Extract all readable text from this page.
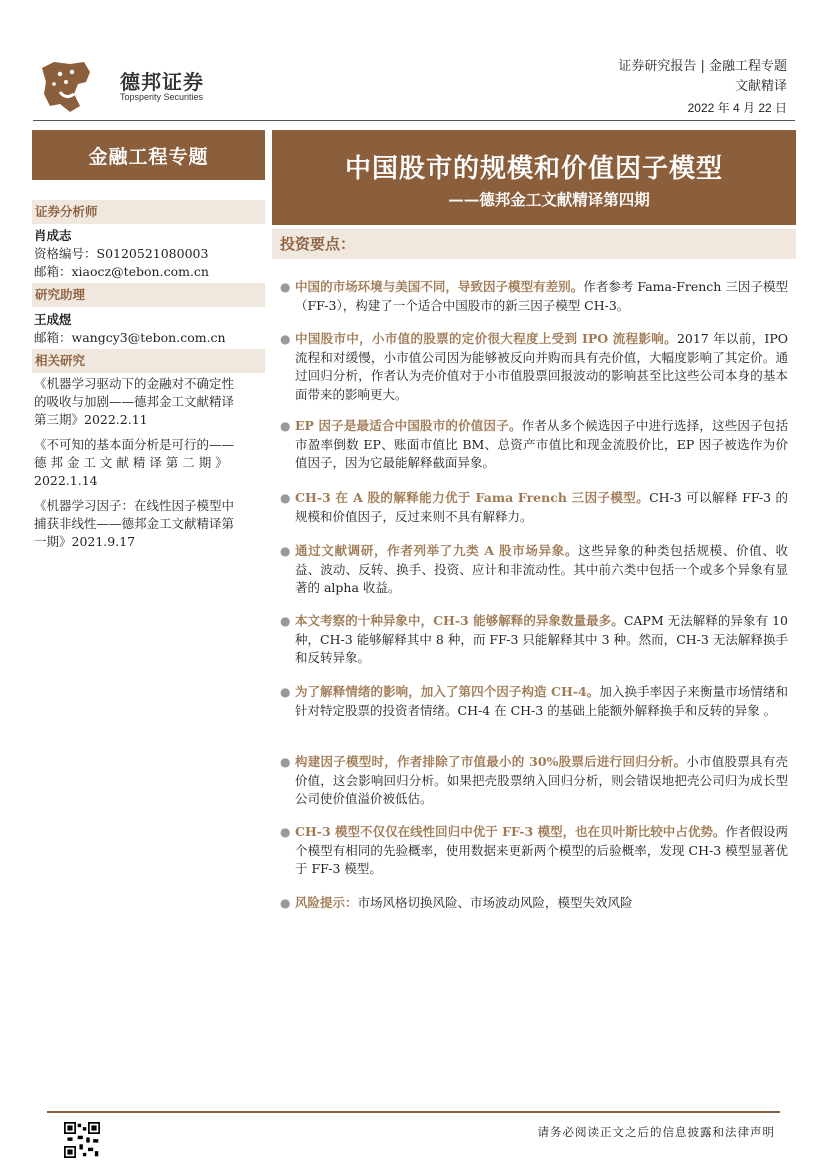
德邦证券
Topsperity Securities
证券研究报告 | 金融工程专题
文献精译
2022 年 4 月 22 日
金融工程专题
证券分析师
肖成志
资格编号：S0120521080003
邮箱：xiaocz@tebon.com.cn
研究助理
王成煜
邮箱：wangcy3@tebon.com.cn
相关研究
《机器学习驱动下的金融对不确定性
的吸收与加剧——德邦金工文献精译
第三期》2022.2.11
《不可知的基本面分析是可行的——
德 邦 金 工 文 献 精 译 第 二 期 》
2022.1.14
《机器学习因子：在线性因子模型中
捕获非线性——德邦金工文献精译第
一期》2021.9.17
中国股市的规模和价值因子模型
——德邦金工文献精译第四期
投资要点：
● 中国的市场环境与美国不同，导致因子模型有差别。作者参考 Fama-French 三因子模型（FF-3），构建了一个适合中国股市的新三因子模型 CH-3。
● 中国股市中，小市值的股票的定价很大程度上受到 IPO 流程影响。2017 年以前，IPO 流程和对缓慢，小市值公司因为能够被反向并购而具有壳价值，大幅度影响了其定价。通过回归分析，作者认为壳价值对于小市值股票回报波动的影响甚至比这些公司本身的基本面带来的影响更大。
● EP 因子是最适合中国股市的价值因子。作者从多个候选因子中进行选择，这些因子包括市盈率倒数 EP、账面市值比 BM、总资产市值比和现金流股价比，EP 因子被选作为价值因子，因为它最能解释截面异象。
● CH-3 在 A 股的解释能力优于 Fama French 三因子模型。CH-3 可以解释 FF-3 的规模和价值因子，反过来则不具有解释力。
● 通过文献调研，作者列举了九类 A 股市场异象。这些异象的种类包括规模、价值、收益、波动、反转、换手、投资、应计和非流动性。其中前六类中包括一个或多个异象有显著的 alpha 收益。
● 本文考察的十种异象中，CH-3 能够解释的异象数量最多。CAPM 无法解释的异象有 10 种，CH-3 能够解释其中 8 种，而 FF-3 只能解释其中 3 种。然而，CH-3 无法解释换手和反转异象。
● 为了解释情绪的影响，加入了第四个因子构造 CH-4。加入换手率因子来衡量市场情绪和针对特定股票的投资者情绪。CH-4 在 CH-3 的基础上能额外解释换手和反转的异象 。
● 构建因子模型时，作者排除了市值最小的 30%股票后进行回归分析。小市值股票具有壳价值，这会影响回归分析。如果把壳股票纳入回归分析，则会错误地把壳公司归为成长型公司使价值溢价被低估。
● CH-3 模型不仅仅在线性回归中优于 FF-3 模型，也在贝叶斯比较中占优势。作者假设两个模型有相同的先验概率，使用数据来更新两个模型的后验概率，发现 CH-3 模型显著优于 FF-3 模型。
● 风险提示：市场风格切换风险、市场波动风险，模型失效风险
请务必阅读正文之后的信息披露和法律声明
